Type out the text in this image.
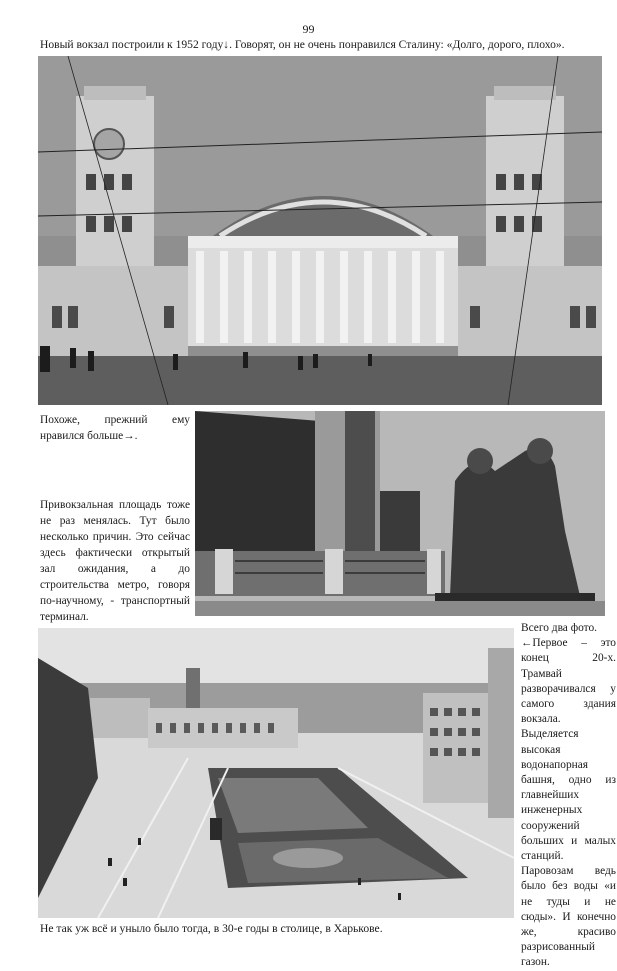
99
Новый вокзал построили к 1952 году↓. Говорят, он не очень понравился Сталину: «Долго, дорого, плохо».
Похоже, прежний ему нравился больше→.
Привокзальная площадь тоже не раз менялась. Тут было несколько причин. Это сейчас здесь фактически открытый зал ожидания, а до строительства метро, говоря по-научному, - транспортный терминал.

Всего два фото.

←Первое – это конец 20-х. Трамвай разворачивался у самого здания вокзала. Выделяется высокая водонапорная башня, одно из главнейших инженерных сооружений больших и малых станций. Паровозам ведь было без воды «и не туды и не сюды». И конечно же, красиво разрисованный газон.

Не так уж всё и уныло было тогда, в 30-е годы в столице, в Харькове.
